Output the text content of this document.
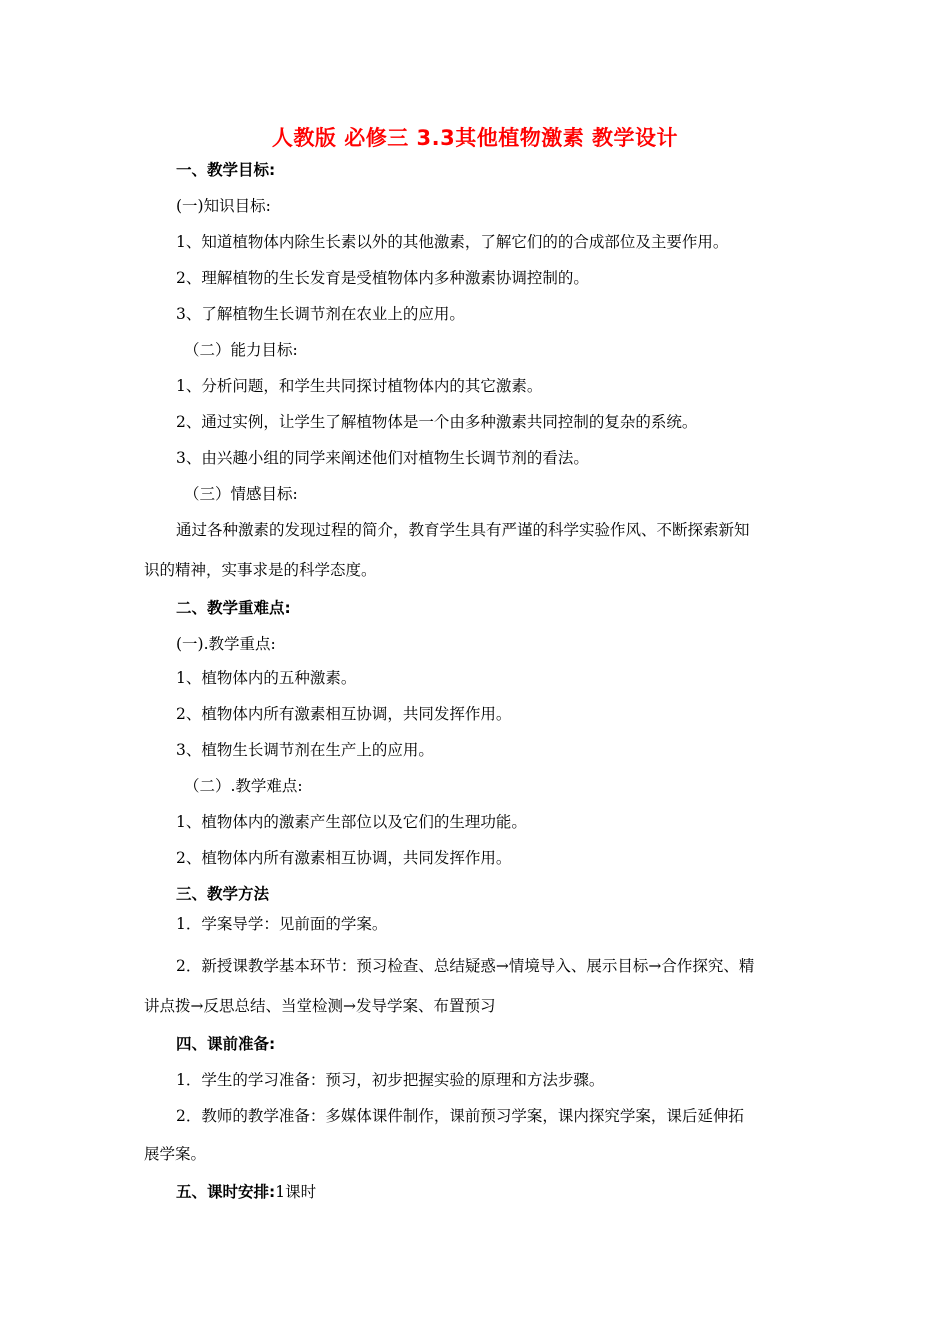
人教版 必修三 3.3其他植物激素 教学设计
一、教学目标:
(一)知识目标:
1、知道植物体内除生长素以外的其他激素，了解它们的的合成部位及主要作用。
2、理解植物的生长发育是受植物体内多种激素协调控制的。
3、了解植物生长调节剂在农业上的应用。
（二）能力目标:
1、分析问题，和学生共同探讨植物体内的其它激素。
2、通过实例，让学生了解植物体是一个由多种激素共同控制的复杂的系统。
3、由兴趣小组的同学来阐述他们对植物生长调节剂的看法。
（三）情感目标:
通过各种激素的发现过程的简介，教育学生具有严谨的科学实验作风、不断探索新知
识的精神，实事求是的科学态度。
二、教学重难点:
(一).教学重点:
1、植物体内的五种激素。
2、植物体内所有激素相互协调，共同发挥作用。
3、植物生长调节剂在生产上的应用。
（二）.教学难点:
1、植物体内的激素产生部位以及它们的生理功能。
2、植物体内所有激素相互协调，共同发挥作用。
三、教学方法
1．学案导学：见前面的学案。
2．新授课教学基本环节：预习检查、总结疑惑→情境导入、展示目标→合作探究、精
讲点拨→反思总结、当堂检测→发导学案、布置预习
四、课前准备:
1．学生的学习准备：预习，初步把握实验的原理和方法步骤。
2．教师的教学准备：多媒体课件制作，课前预习学案，课内探究学案，课后延伸拓
展学案。
五、课时安排:1课时
